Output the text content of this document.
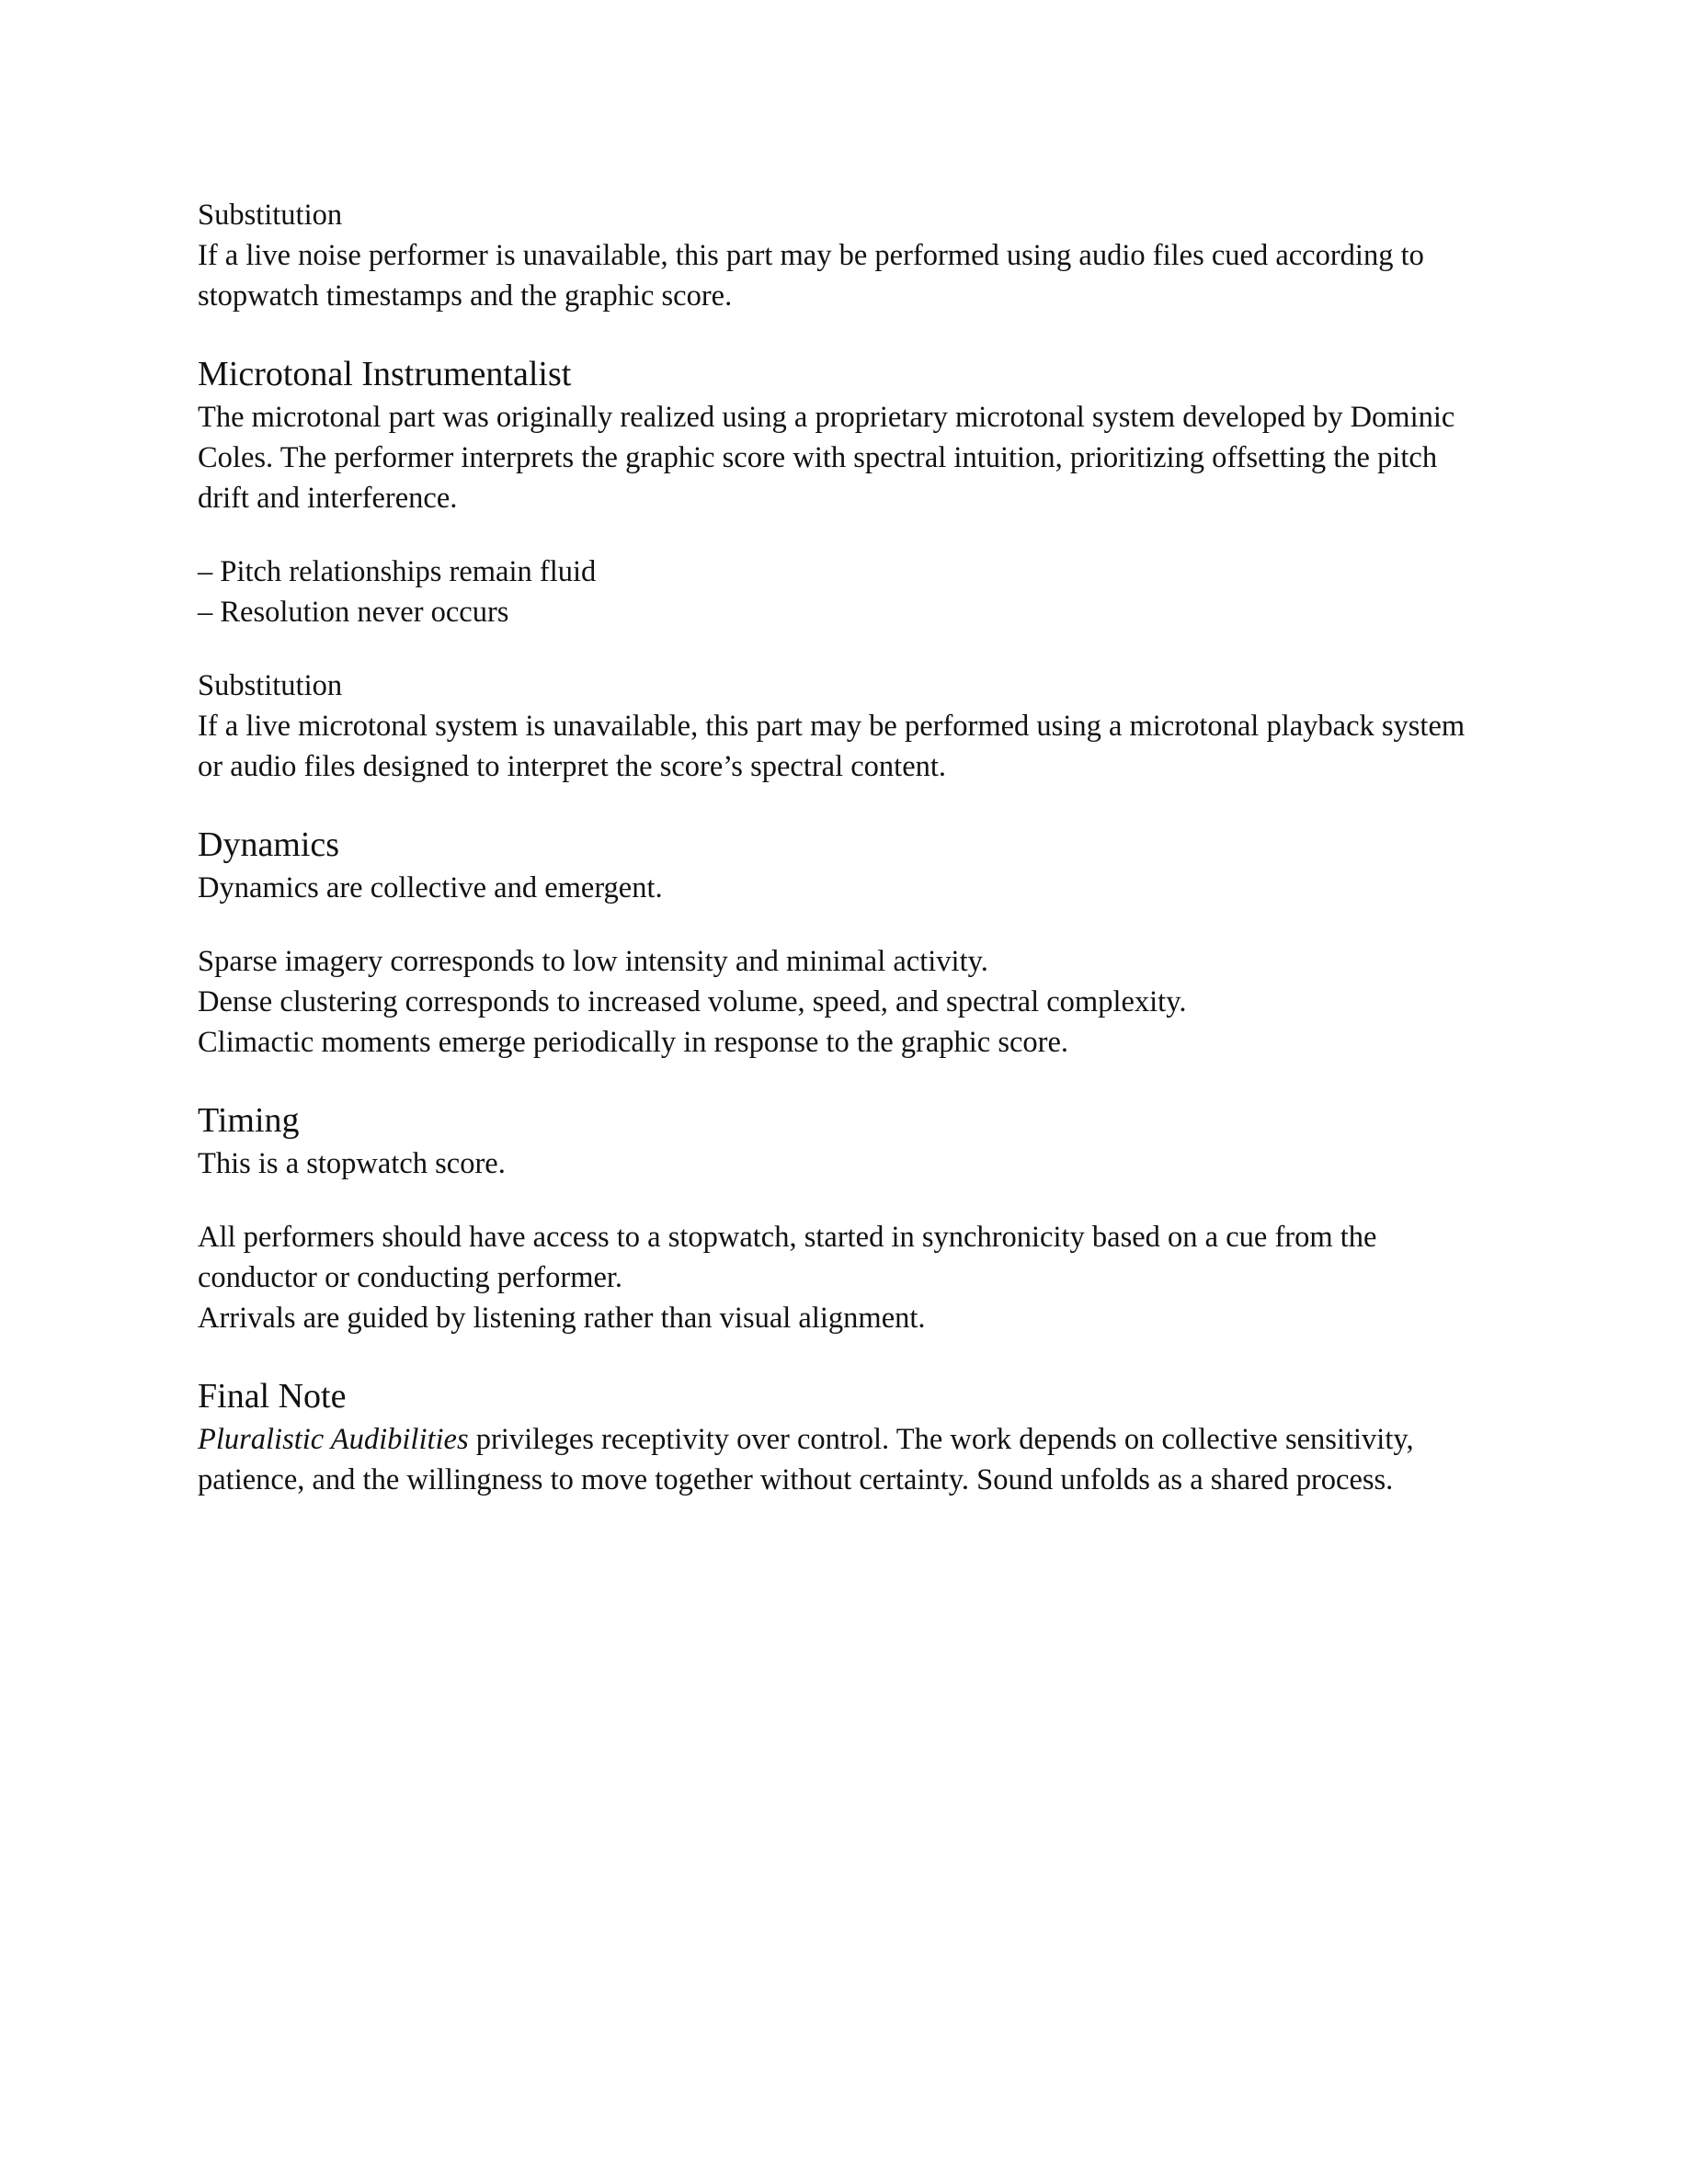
Substitution
If a live noise performer is unavailable, this part may be performed using audio files cued according to
stopwatch timestamps and the graphic score.
Microtonal Instrumentalist
The microtonal part was originally realized using a proprietary microtonal system developed by Dominic
Coles. The performer interprets the graphic score with spectral intuition, prioritizing offsetting the pitch
drift and interference.
– Pitch relationships remain fluid
– Resolution never occurs
Substitution
If a live microtonal system is unavailable, this part may be performed using a microtonal playback system
or audio files designed to interpret the score’s spectral content.
Dynamics
Dynamics are collective and emergent.
Sparse imagery corresponds to low intensity and minimal activity.
Dense clustering corresponds to increased volume, speed, and spectral complexity.
Climactic moments emerge periodically in response to the graphic score.
Timing
This is a stopwatch score.
All performers should have access to a stopwatch, started in synchronicity based on a cue from the
conductor or conducting performer.
Arrivals are guided by listening rather than visual alignment.
Final Note
Pluralistic Audibilities privileges receptivity over control. The work depends on collective sensitivity,
patience, and the willingness to move together without certainty. Sound unfolds as a shared process.
